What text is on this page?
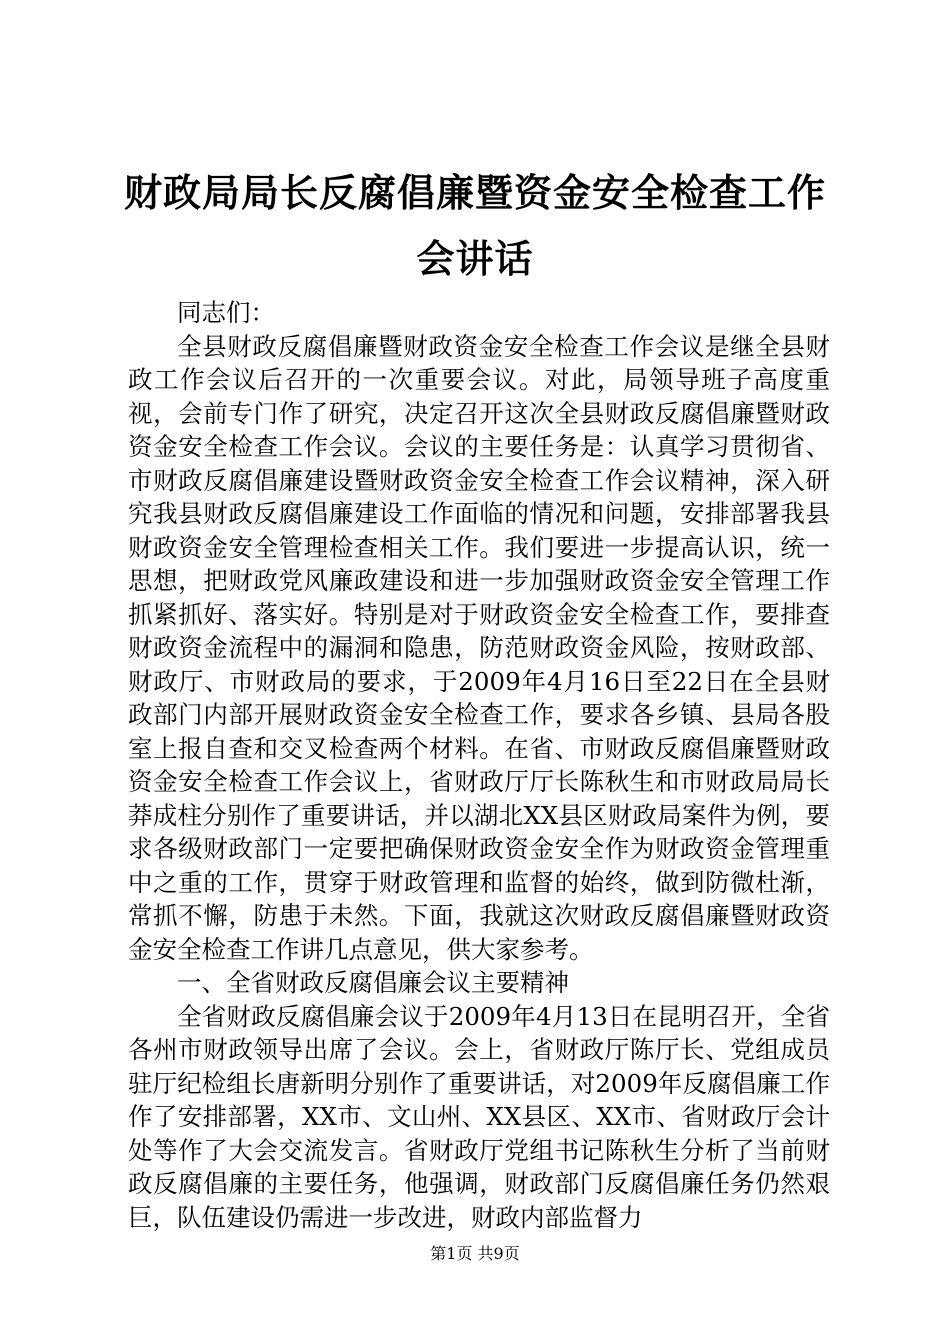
财政局局长反腐倡廉暨资金安全检查工作会讲话

同志们：

全县财政反腐倡廉暨财政资金安全检查工作会议是继全县财政工作会议后召开的一次重要会议。对此，局领导班子高度重视，会前专门作了研究，决定召开这次全县财政反腐倡廉暨财政资金安全检查工作会议。会议的主要任务是：认真学习贯彻省、市财政反腐倡廉建设暨财政资金安全检查工作会议精神，深入研究我县财政反腐倡廉建设工作面临的情况和问题，安排部署我县财政资金安全管理检查相关工作。我们要进一步提高认识，统一思想，把财政党风廉政建设和进一步加强财政资金安全管理工作抓紧抓好、落实好。特别是对于财政资金安全检查工作，要排查财政资金流程中的漏洞和隐患，防范财政资金风险，按财政部、财政厅、市财政局的要求，于2009年4月16日至22日在全县财政部门内部开展财政资金安全检查工作，要求各乡镇、县局各股室上报自查和交叉检查两个材料。在省、市财政反腐倡廉暨财政资金安全检查工作会议上，省财政厅厅长陈秋生和市财政局局长莽成柱分别作了重要讲话，并以湖北XX县区财政局案件为例，要求各级财政部门一定要把确保财政资金安全作为财政资金管理重中之重的工作，贯穿于财政管理和监督的始终，做到防微杜渐，常抓不懈，防患于未然。下面，我就这次财政反腐倡廉暨财政资金安全检查工作讲几点意见，供大家参考。

一、全省财政反腐倡廉会议主要精神

全省财政反腐倡廉会议于2009年4月13日在昆明召开，全省各州市财政领导出席了会议。会上，省财政厅陈厅长、党组成员驻厅纪检组长唐新明分别作了重要讲话，对2009年反腐倡廉工作作了安排部署，XX市、文山州、XX县区、XX市、省财政厅会计处等作了大会交流发言。省财政厅党组书记陈秋生分析了当前财政反腐倡廉的主要任务，他强调，财政部门反腐倡廉任务仍然艰巨，队伍建设仍需进一步改进，财政内部监督力

第1页 共9页
